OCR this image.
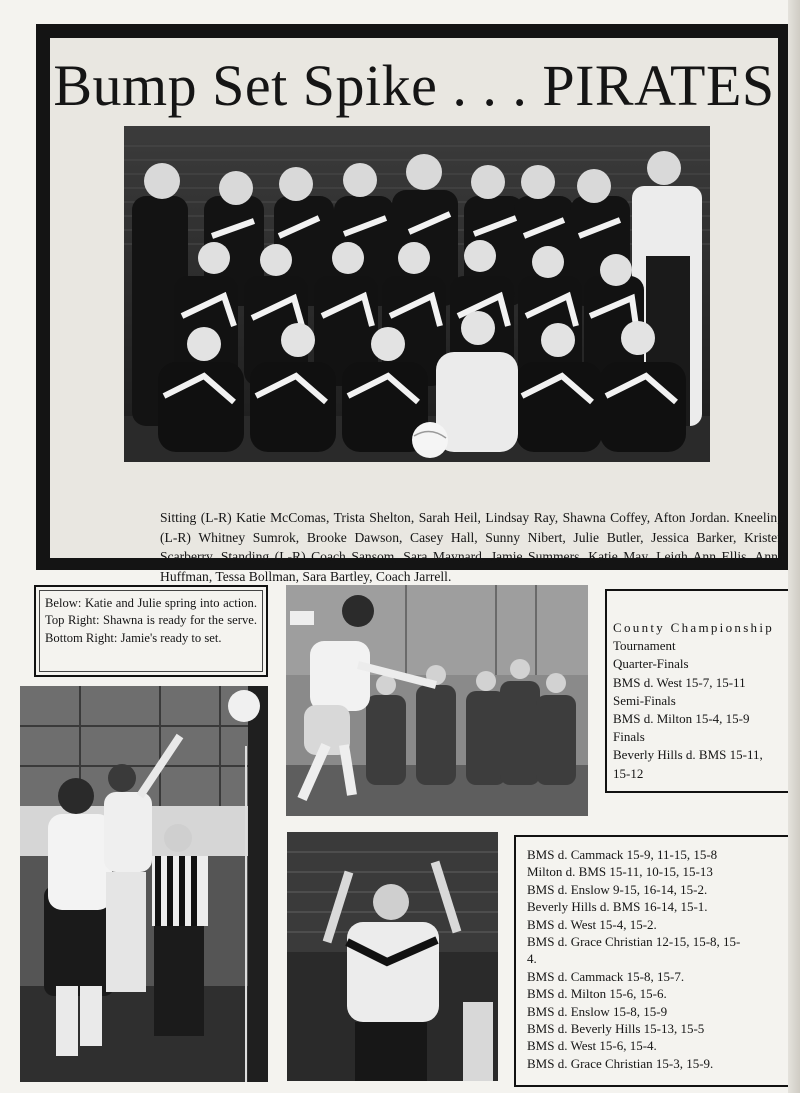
Bump Set Spike . . . PIRATES
Sitting (L-R) Katie McComas, Trista Shelton, Sarah Heil, Lindsay Ray, Shawna Coffey, Afton Jordan. Kneeling (L-R) Whitney Sumrok, Brooke Dawson, Casey Hall, Sunny Nibert, Julie Butler, Jessica Barker, Kristen Scarberry. Standing (L-R) Coach Sansom, Sara Maynard, Jamie Summers, Katie May, Leigh Ann Ellis, Anna Huffman, Tessa Bollman, Sara Bartley, Coach Jarrell.

Below: Katie and Julie spring into action. Top Right: Shawna is ready for the serve. Bottom Right: Jamie's ready to set.

County Championship
Tournament
Quarter-Finals
BMS d. West 15-7, 15-11
Semi-Finals
BMS d. Milton 15-4, 15-9
Finals
Beverly Hills d. BMS 15-11,
15-12
BMS d. Cammack 15-9, 11-15, 15-8
Milton d. BMS 15-11, 10-15, 15-13
BMS d. Enslow 9-15, 16-14, 15-2.
Beverly Hills d. BMS 16-14, 15-1.
BMS d. West 15-4, 15-2.
BMS d. Grace Christian 12-15, 15-8, 15-
4.
BMS d. Cammack 15-8, 15-7.
BMS d. Milton 15-6, 15-6.
BMS d. Enslow 15-8, 15-9
BMS d. Beverly Hills 15-13, 15-5
BMS d. West 15-6, 15-4.
BMS d. Grace Christian 15-3, 15-9.
